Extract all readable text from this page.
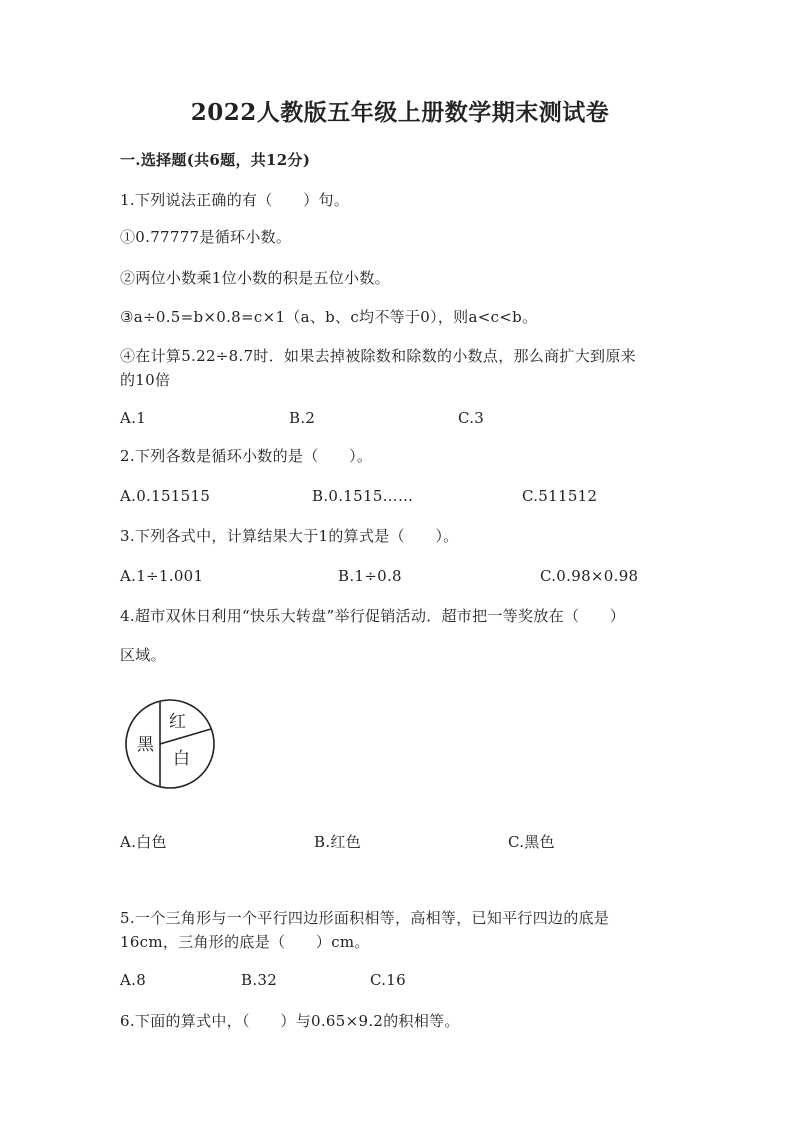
2022人教版五年级上册数学期末测试卷
一.选择题(共6题，共12分)
1.下列说法正确的有（　　）句。
①0.77777是循环小数。
②两位小数乘1位小数的积是五位小数。
③a÷0.5=b×0.8=c×1（a、b、c均不等于0），则a<c<b。
④在计算5.22÷8.7时．如果去掉被除数和除数的小数点，那么商扩大到原来
的10倍
A.1	B.2	C.3
2.下列各数是循环小数的是（　　）。
A.0.151515	B.0.1515……	C.511512
3.下列各式中，计算结果大于1的算式是（　　）。
A.1÷1.001	B.1÷0.8	C.0.98×0.98
4.超市双休日利用“快乐大转盘”举行促销活动．超市把一等奖放在（　　）
区域。
黑
红
白
A.白色	B.红色	C.黑色
5.一个三角形与一个平行四边形面积相等，高相等，已知平行四边的底是
16cm，三角形的底是（　　）cm。
A.8	B.32	C.16
6.下面的算式中，（　　）与0.65×9.2的积相等。
